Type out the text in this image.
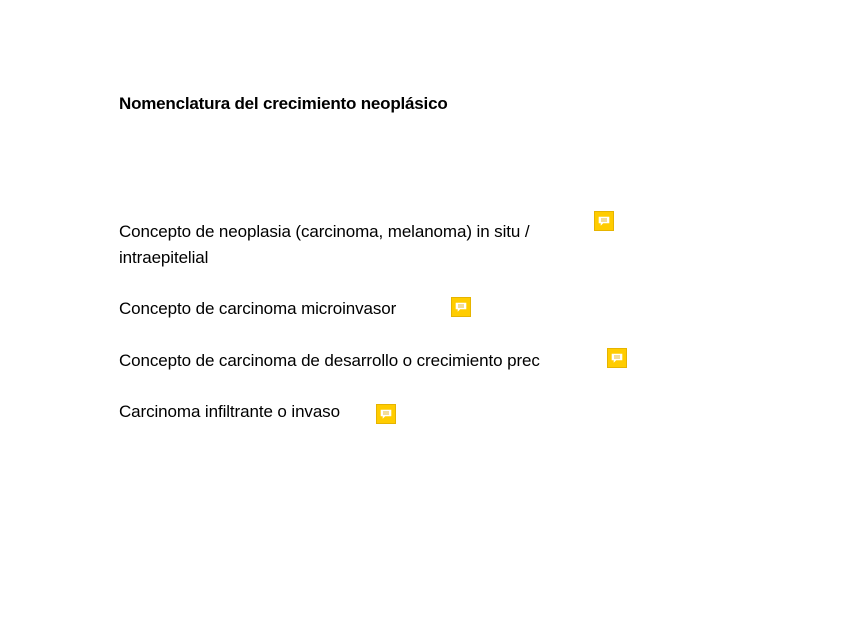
Nomenclatura del crecimiento neoplásico

Concepto de neoplasia (carcinoma, melanoma) in situ / intraepitelial

Concepto de carcinoma microinvasor

Concepto de carcinoma de desarrollo o crecimiento prec

Carcinoma infiltrante o invaso
